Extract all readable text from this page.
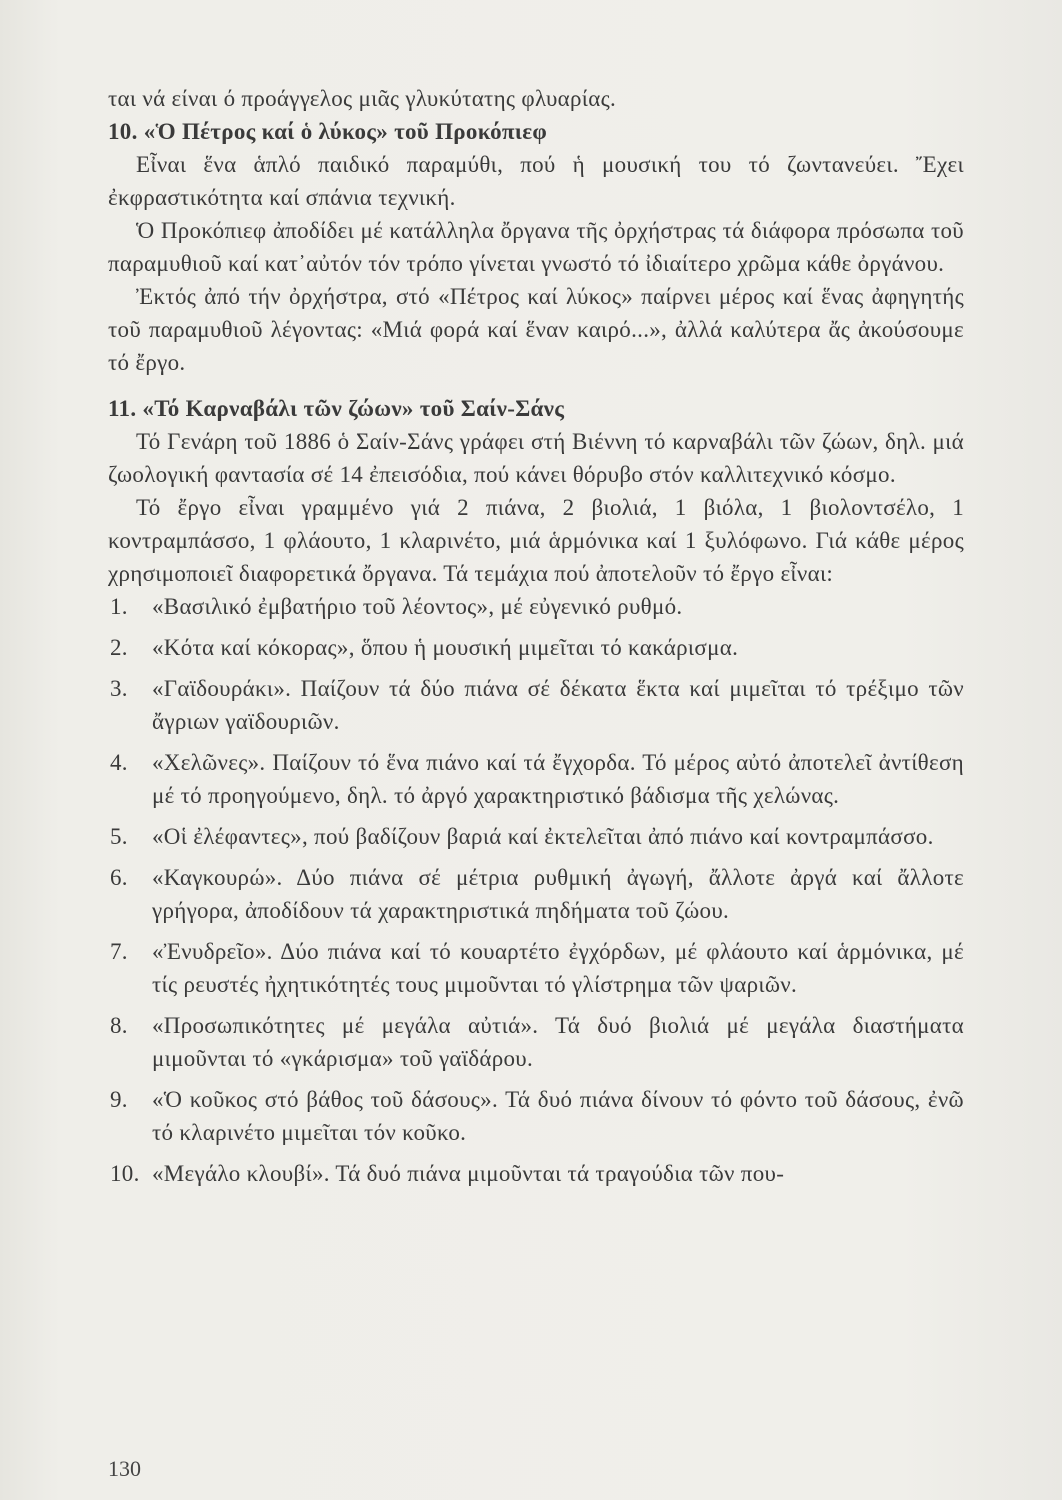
ται νά είναι ό προάγγελος μιᾶς γλυκύτατης φλυαρίας.

10. «Ὁ Πέτρος καί ὁ λύκος» τοῦ Προκόπιεφ

Εἶναι ἕνα ἁπλό παιδικό παραμύθι, πού ἡ μουσική του τό ζωντανεύει. Ἔχει ἐκφραστικότητα καί σπάνια τεχνική.

Ὁ Προκόπιεφ ἀποδίδει μέ κατάλληλα ὄργανα τῆς ὀρχήστρας τά διάφορα πρόσωπα τοῦ παραμυθιοῦ καί κατ᾽αὐτόν τόν τρόπο γίνεται γνωστό τό ἰδιαίτερο χρῶμα κάθε ὀργάνου.

Ἐκτός ἀπό τήν ὀρχήστρα, στό «Πέτρος καί λύκος» παίρνει μέρος καί ἕνας ἀφηγητής τοῦ παραμυθιοῦ λέγοντας: «Μιά φορά καί ἕναν καιρό...», ἀλλά καλύτερα ἄς ἀκούσουμε τό ἔργο.

11. «Τό Καρναβάλι τῶν ζώων» τοῦ Σαίν-Σάνς

Τό Γενάρη τοῦ 1886 ὁ Σαίν-Σάνς γράφει στή Βιέννη τό καρναβάλι τῶν ζώων, δηλ. μιά ζωολογική φαντασία σέ 14 ἐπεισόδια, πού κάνει θόρυβο στόν καλλιτεχνικό κόσμο.

Τό ἔργο εἶναι γραμμένο γιά 2 πιάνα, 2 βιολιά, 1 βιόλα, 1 βιολοντσέλο, 1 κοντραμπάσσο, 1 φλάουτο, 1 κλαρινέτο, μιά ἁρμόνικα καί 1 ξυλόφωνο. Γιά κάθε μέρος χρησιμοποιεῖ διαφορετικά ὄργανα. Τά τεμάχια πού ἀποτελοῦν τό ἔργο εἶναι:

1.	«Βασιλικό ἐμβατήριο τοῦ λέοντος», μέ εὐγενικό ρυθμό.
2.	«Κότα καί κόκορας», ὅπου ἡ μουσική μιμεῖται τό κακάρισμα.
3.	«Γαϊδουράκι». Παίζουν τά δύο πιάνα σέ δέκατα ἕκτα καί μιμεῖται τό τρέξιμο τῶν ἄγριων γαϊδουριῶν.
4.	«Χελῶνες». Παίζουν τό ἕνα πιάνο καί τά ἔγχορδα. Τό μέρος αὐτό ἀποτελεῖ ἀντίθεση μέ τό προηγούμενο, δηλ. τό ἀργό χαρακτηριστικό βάδισμα τῆς χελώνας.
5.	«Οἱ ἐλέφαντες», πού βαδίζουν βαριά καί ἐκτελεῖται ἀπό πιάνο καί κοντραμπάσσο.
6.	«Καγκουρώ». Δύο πιάνα σέ μέτρια ρυθμική ἀγωγή, ἄλλοτε ἀργά καί ἄλλοτε γρήγορα, ἀποδίδουν τά χαρακτηριστικά πηδήματα τοῦ ζώου.
7.	«Ἐνυδρεῖο». Δύο πιάνα καί τό κουαρτέτο ἐγχόρδων, μέ φλάουτο καί ἁρμόνικα, μέ τίς ρευστές ἠχητικότητές τους μιμοῦνται τό γλίστρημα τῶν ψαριῶν.
8.	«Προσωπικότητες μέ μεγάλα αὐτιά». Τά δυό βιολιά μέ μεγάλα διαστήματα μιμοῦνται τό «γκάρισμα» τοῦ γαϊδάρου.
9.	«Ὁ κοῦκος στό βάθος τοῦ δάσους». Τά δυό πιάνα δίνουν τό φόντο τοῦ δάσους, ἐνῶ τό κλαρινέτο μιμεῖται τόν κοῦκο.
10. «Μεγάλο κλουβί». Τά δυό πιάνα μιμοῦνται τά τραγούδια τῶν που-
130
